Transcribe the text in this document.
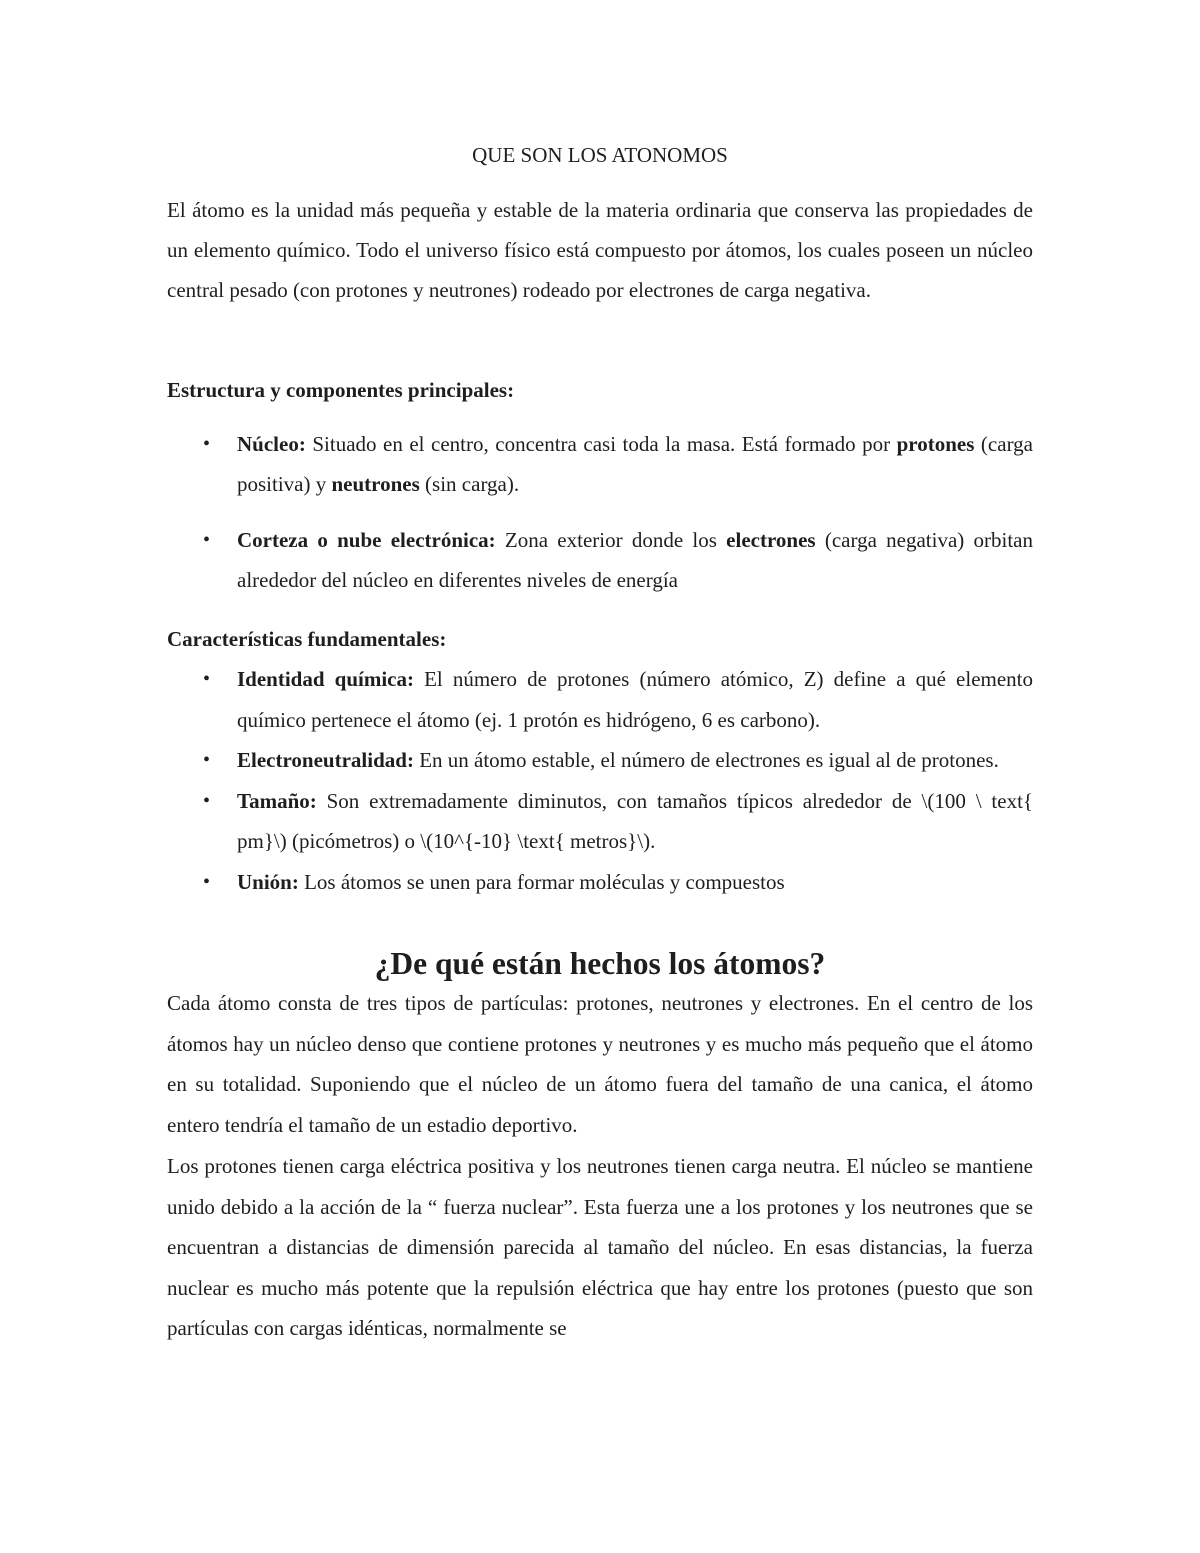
QUE SON LOS ATONOMOS

El átomo es la unidad más pequeña y estable de la materia ordinaria que conserva las propiedades de un elemento químico. Todo el universo físico está compuesto por átomos, los cuales poseen un núcleo central pesado (con protones y neutrones) rodeado por electrones de carga negativa.

Estructura y componentes principales:

• Núcleo: Situado en el centro, concentra casi toda la masa. Está formado por protones (carga positiva) y neutrones (sin carga).
• Corteza o nube electrónica: Zona exterior donde los electrones (carga negativa) orbitan alrededor del núcleo en diferentes niveles de energía

Características fundamentales:

• Identidad química: El número de protones (número atómico, Z) define a qué elemento químico pertenece el átomo (ej. 1 protón es hidrógeno, 6 es carbono).
• Electroneutralidad: En un átomo estable, el número de electrones es igual al de protones.
• Tamaño: Son extremadamente diminutos, con tamaños típicos alrededor de \(100 \ text{ pm}\) (picómetros) o \(10^{-10} \text{ metros}\).
• Unión: Los átomos se unen para formar moléculas y compuestos
¿De qué están hechos los átomos?

Cada átomo consta de tres tipos de partículas: protones, neutrones y electrones. En el centro de los átomos hay un núcleo denso que contiene protones y neutrones y es mucho más pequeño que el átomo en su totalidad. Suponiendo que el núcleo de un átomo fuera del tamaño de una canica, el átomo entero tendría el tamaño de un estadio deportivo.

Los protones tienen carga eléctrica positiva y los neutrones tienen carga neutra. El núcleo se mantiene unido debido a la acción de la “ fuerza nuclear”. Esta fuerza une a los protones y los neutrones que se encuentran a distancias de dimensión parecida al tamaño del núcleo. En esas distancias, la fuerza nuclear es mucho más potente que la repulsión eléctrica que hay entre los protones (puesto que son partículas con cargas idénticas, normalmente se
